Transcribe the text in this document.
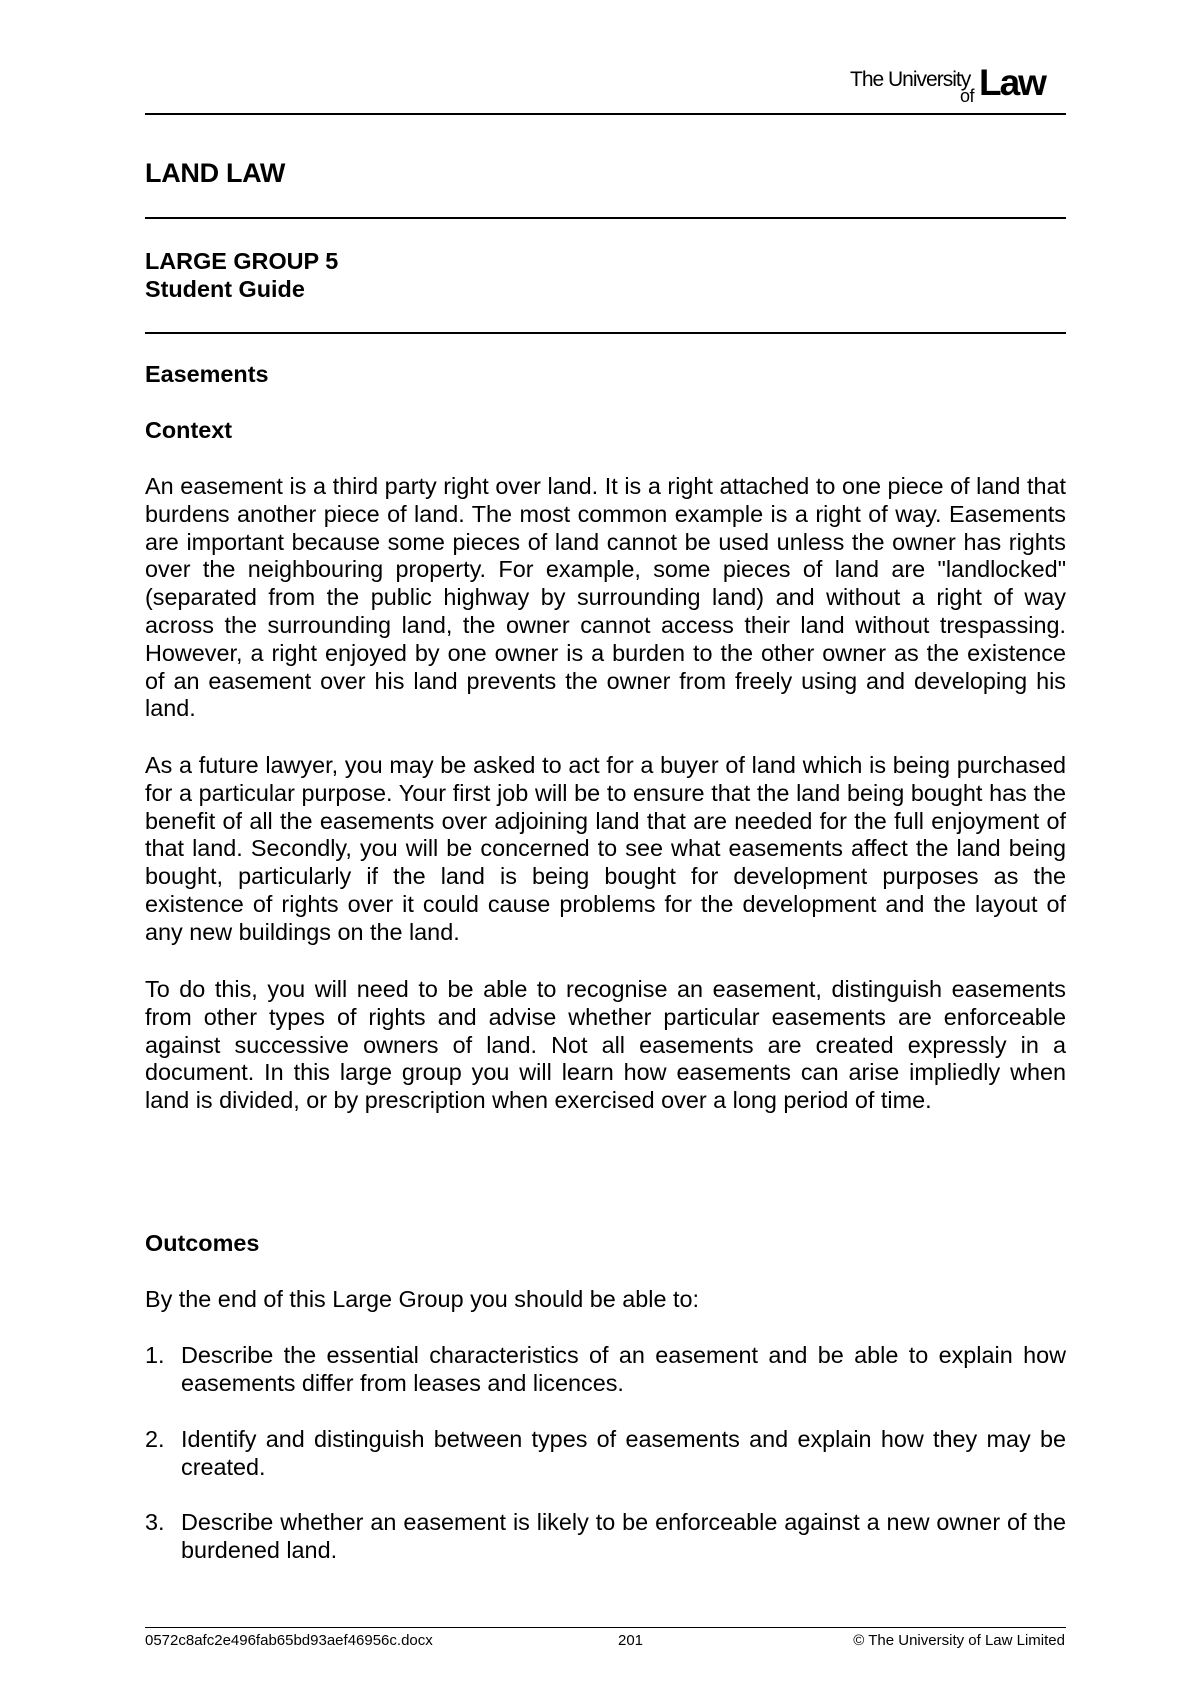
The University
of Law
LAND LAW
LARGE GROUP 5
Student Guide
Easements
Context
An easement is a third party right over land. It is a right attached to one piece of land that burdens another piece of land. The most common example is a right of way. Easements are important because some pieces of land cannot be used unless the owner has rights over the neighbouring property. For example, some pieces of land are "landlocked" (separated from the public highway by surrounding land) and without a right of way across the surrounding land, the owner cannot access their land without trespassing. However, a right enjoyed by one owner is a burden to the other owner as the existence of an easement over his land prevents the owner from freely using and developing his land.
As a future lawyer, you may be asked to act for a buyer of land which is being purchased for a particular purpose. Your first job will be to ensure that the land being bought has the benefit of all the easements over adjoining land that are needed for the full enjoyment of that land. Secondly, you will be concerned to see what easements affect the land being bought, particularly if the land is being bought for development purposes as the existence of rights over it could cause problems for the development and the layout of any new buildings on the land.
To do this, you will need to be able to recognise an easement, distinguish easements from other types of rights and advise whether particular easements are enforceable against successive owners of land. Not all easements are created expressly in a document. In this large group you will learn how easements can arise impliedly when land is divided, or by prescription when exercised over a long period of time.
Outcomes
By the end of this Large Group you should be able to:
1. Describe the essential characteristics of an easement and be able to explain how easements differ from leases and licences.
2. Identify and distinguish between types of easements and explain how they may be created.
3. Describe whether an easement is likely to be enforceable against a new owner of the burdened land.
0572c8afc2e496fab65bd93aef46956c.docx	201	© The University of Law Limited
